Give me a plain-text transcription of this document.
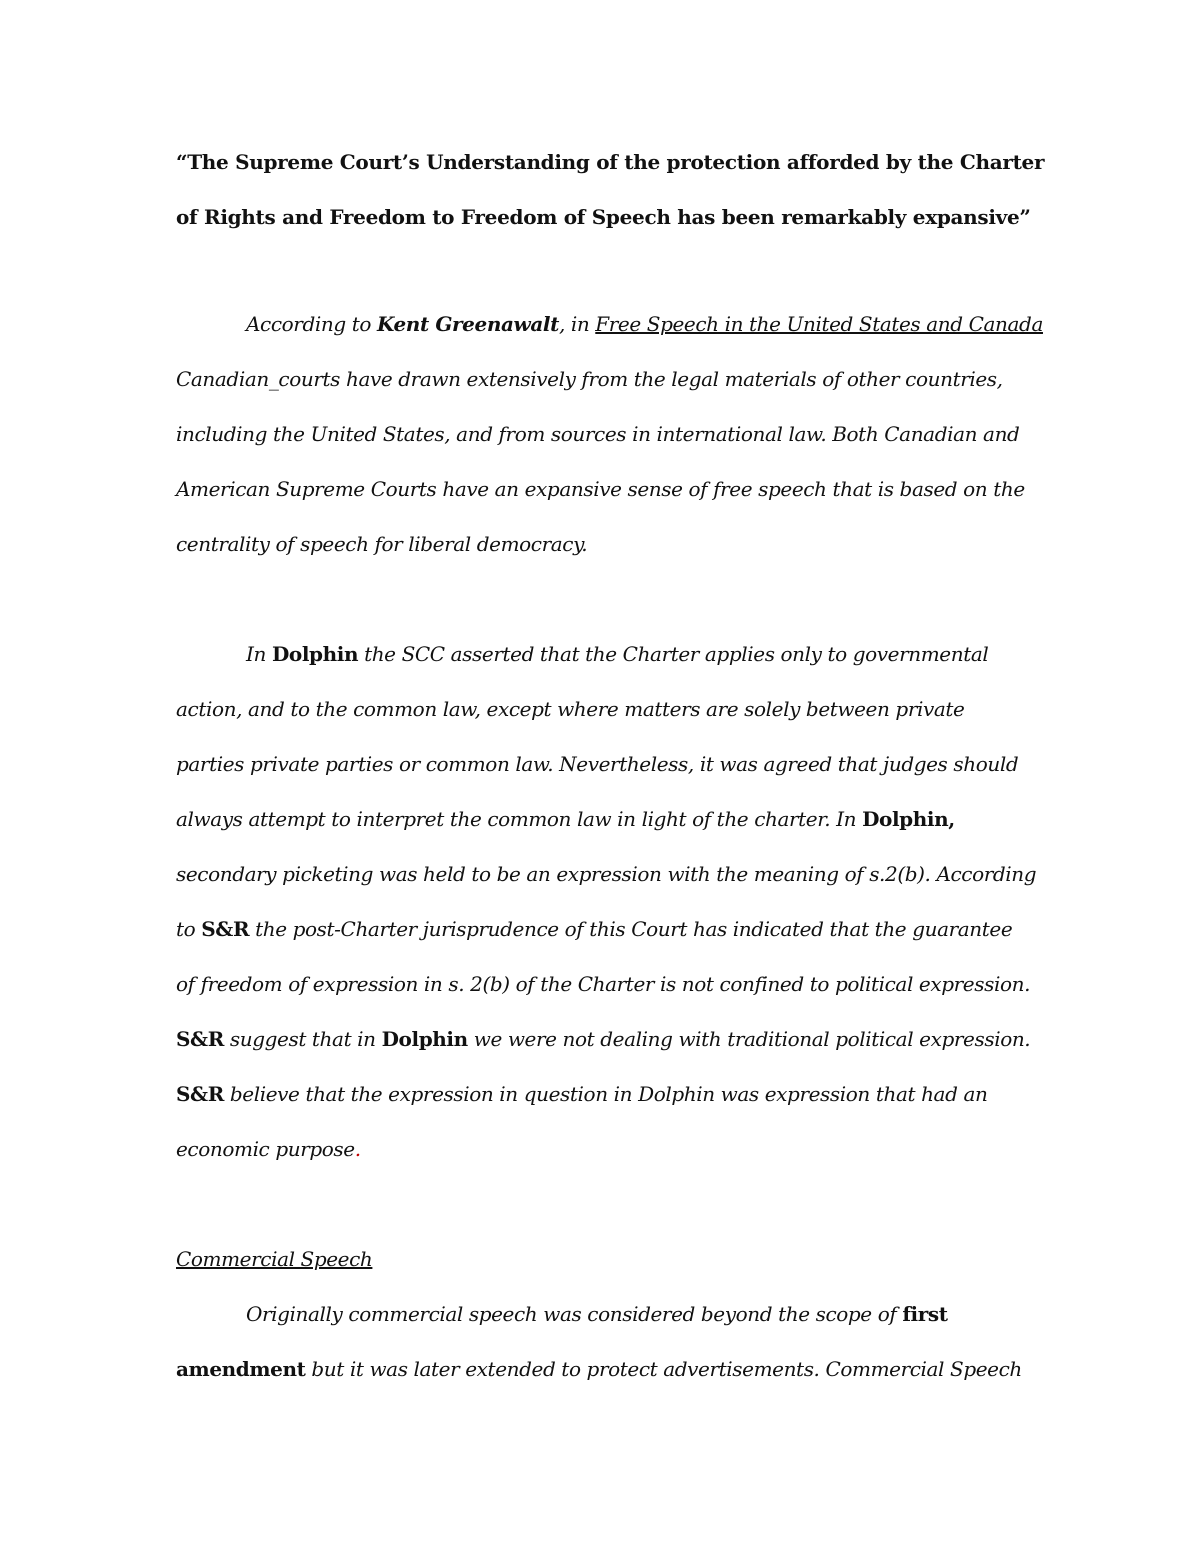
“The Supreme Court’s Understanding of the protection afforded by the Charter
of Rights and Freedom to Freedom of Speech has been remarkably expansive”
According to Kent Greenawalt, in Free Speech in the United States and Canada
Canadian_courts have drawn extensively from the legal materials of other countries,
including the United States, and from sources in international law. Both Canadian and
American Supreme Courts have an expansive sense of free speech that is based on the
centrality of speech for liberal democracy.
In Dolphin the SCC asserted that the Charter applies only to governmental
action, and to the common law, except where matters are solely between private
parties private parties or common law. Nevertheless, it was agreed that judges should
always attempt to interpret the common law in light of the charter. In Dolphin,
secondary picketing was held to be an expression with the meaning of s.2(b). According
to S&R the post-Charter jurisprudence of this Court has indicated that the guarantee
of freedom of expression in s. 2(b) of the Charter is not confined to political expression.
S&R suggest that in Dolphin we were not dealing with traditional political expression.
S&R believe that the expression in question in Dolphin was expression that had an
economic purpose.
Commercial Speech
Originally commercial speech was considered beyond the scope of first
amendment but it was later extended to protect advertisements. Commercial Speech
